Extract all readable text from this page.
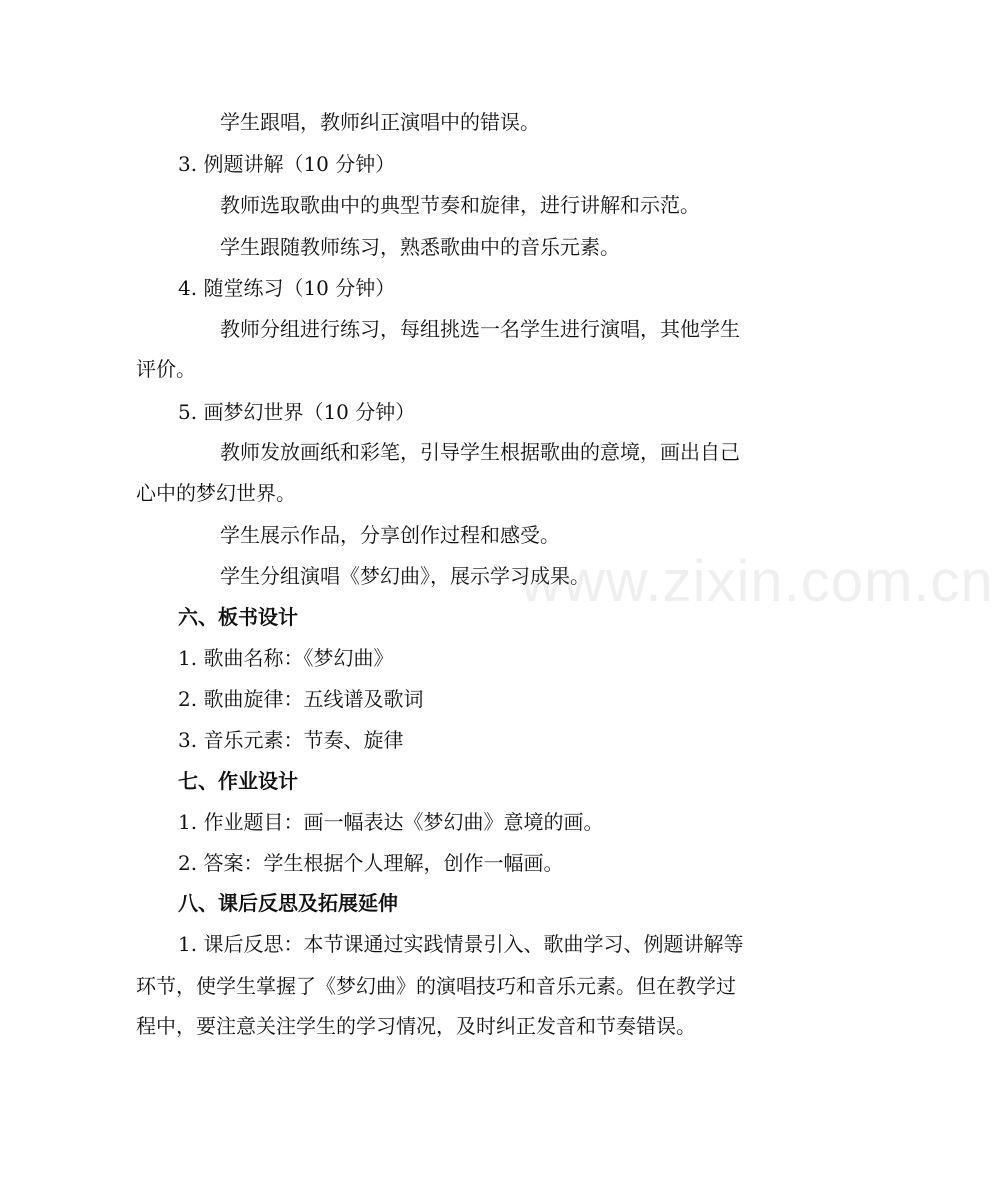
学生跟唱，教师纠正演唱中的错误。
3. 例题讲解（10 分钟）
教师选取歌曲中的典型节奏和旋律，进行讲解和示范。
学生跟随教师练习，熟悉歌曲中的音乐元素。
4. 随堂练习（10 分钟）
教师分组进行练习，每组挑选一名学生进行演唱，其他学生
评价。
5. 画梦幻世界（10 分钟）
教师发放画纸和彩笔，引导学生根据歌曲的意境，画出自己
心中的梦幻世界。
学生展示作品，分享创作过程和感受。
学生分组演唱《梦幻曲》，展示学习成果。
六、板书设计
1. 歌曲名称：《梦幻曲》
2. 歌曲旋律：五线谱及歌词
3. 音乐元素：节奏、旋律
七、作业设计
1. 作业题目：画一幅表达《梦幻曲》意境的画。
2. 答案：学生根据个人理解，创作一幅画。
八、课后反思及拓展延伸
1. 课后反思：本节课通过实践情景引入、歌曲学习、例题讲解等
环节，使学生掌握了《梦幻曲》的演唱技巧和音乐元素。但在教学过
程中，要注意关注学生的学习情况，及时纠正发音和节奏错误。
www.zixin.com.cn
